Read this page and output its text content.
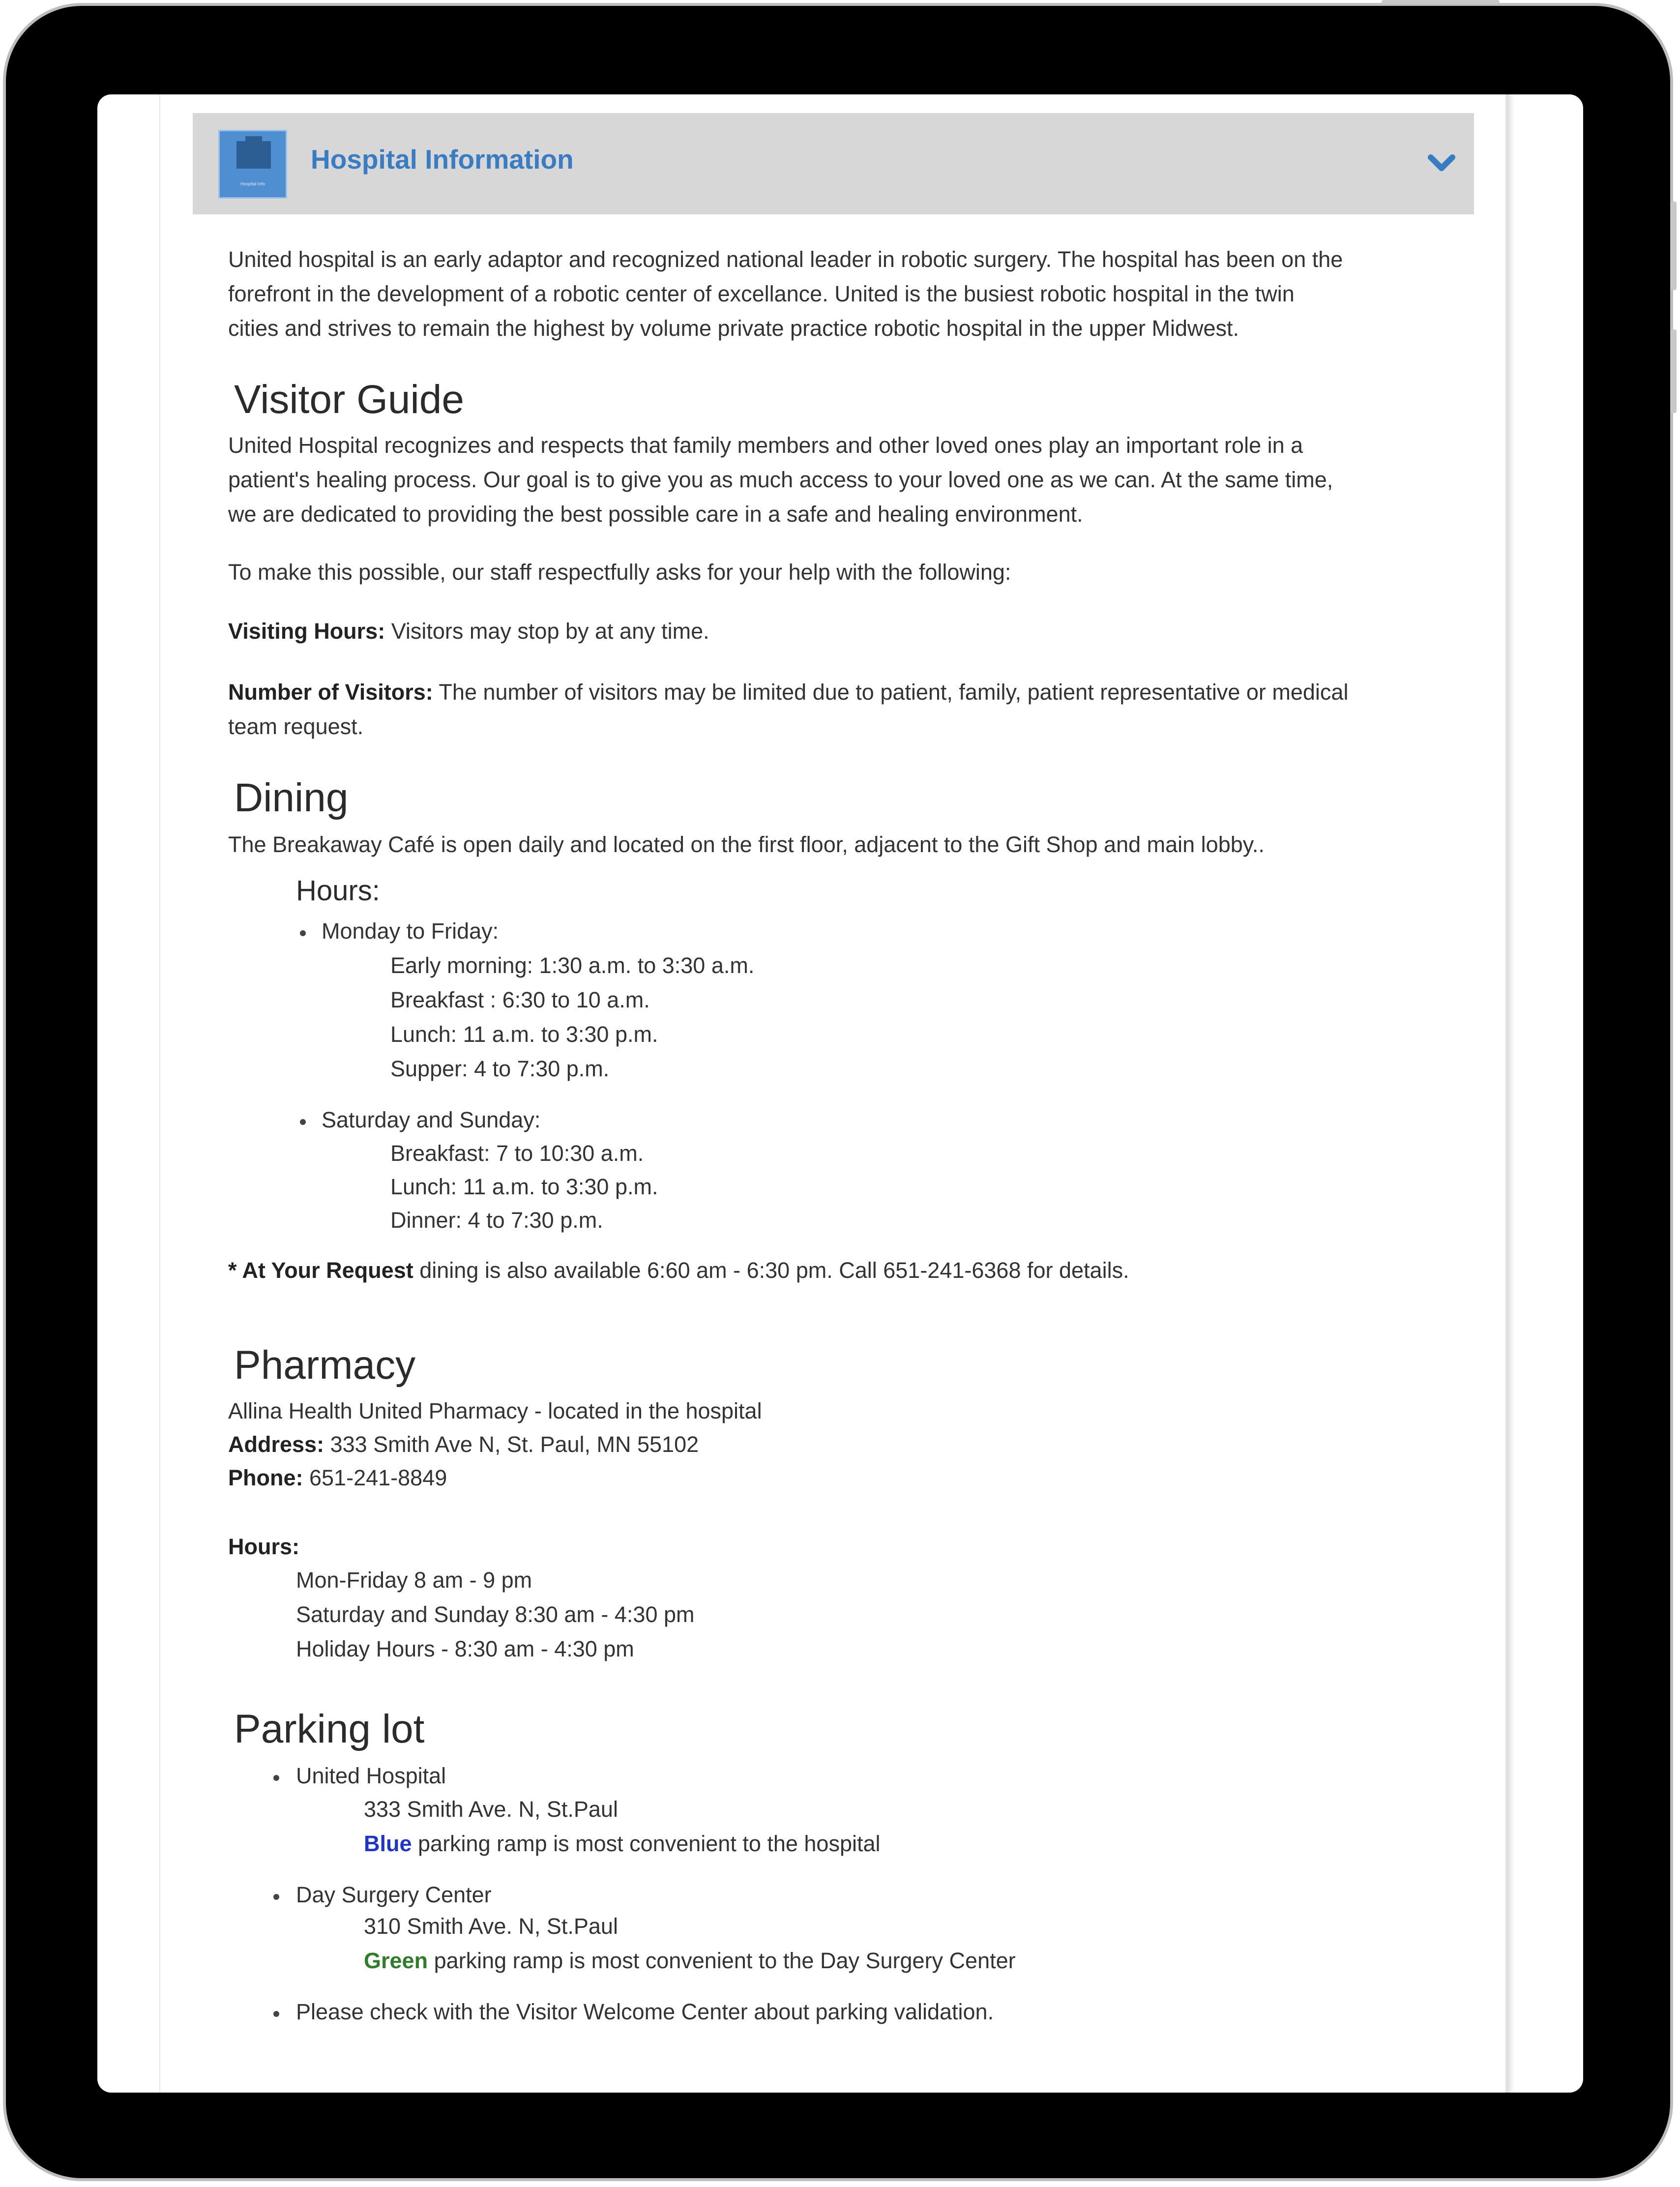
Hospital Info
Hospital Information
United hospital is an early adaptor and recognized national leader in robotic surgery. The hospital has been on the
forefront in the development of a robotic center of excellance. United is the busiest robotic hospital in the twin
cities and strives to remain the highest by volume private practice robotic hospital in the upper Midwest.
Visitor Guide
United Hospital recognizes and respects that family members and other loved ones play an important role in a
patient's healing process. Our goal is to give you as much access to your loved one as we can. At the same time,
we are dedicated to providing the best possible care in a safe and healing environment.
To make this possible, our staff respectfully asks for your help with the following:
Visiting Hours: Visitors may stop by at any time.
Number of Visitors: The number of visitors may be limited due to patient, family, patient representative or medical
team request.
Dining
The Breakaway Café is open daily and located on the first floor, adjacent to the Gift Shop and main lobby..
Hours:
Monday to Friday:
Early morning: 1:30 a.m. to 3:30 a.m.
Breakfast : 6:30 to 10 a.m.
Lunch: 11 a.m. to 3:30 p.m.
Supper: 4 to 7:30 p.m.
Saturday and Sunday:
Breakfast: 7 to 10:30 a.m.
Lunch: 11 a.m. to 3:30 p.m.
Dinner: 4 to 7:30 p.m.
* At Your Request dining is also available 6:60 am - 6:30 pm. Call 651-241-6368 for details.
Pharmacy
Allina Health United Pharmacy - located in the hospital
Address: 333 Smith Ave N, St. Paul, MN 55102
Phone: 651-241-8849
Hours:
Mon-Friday 8 am - 9 pm
Saturday and Sunday 8:30 am - 4:30 pm
Holiday Hours - 8:30 am - 4:30 pm
Parking lot
United Hospital
333 Smith Ave. N, St.Paul
Blue parking ramp is most convenient to the hospital
Day Surgery Center
310 Smith Ave. N, St.Paul
Green parking ramp is most convenient to the Day Surgery Center
Please check with the Visitor Welcome Center about parking validation.
